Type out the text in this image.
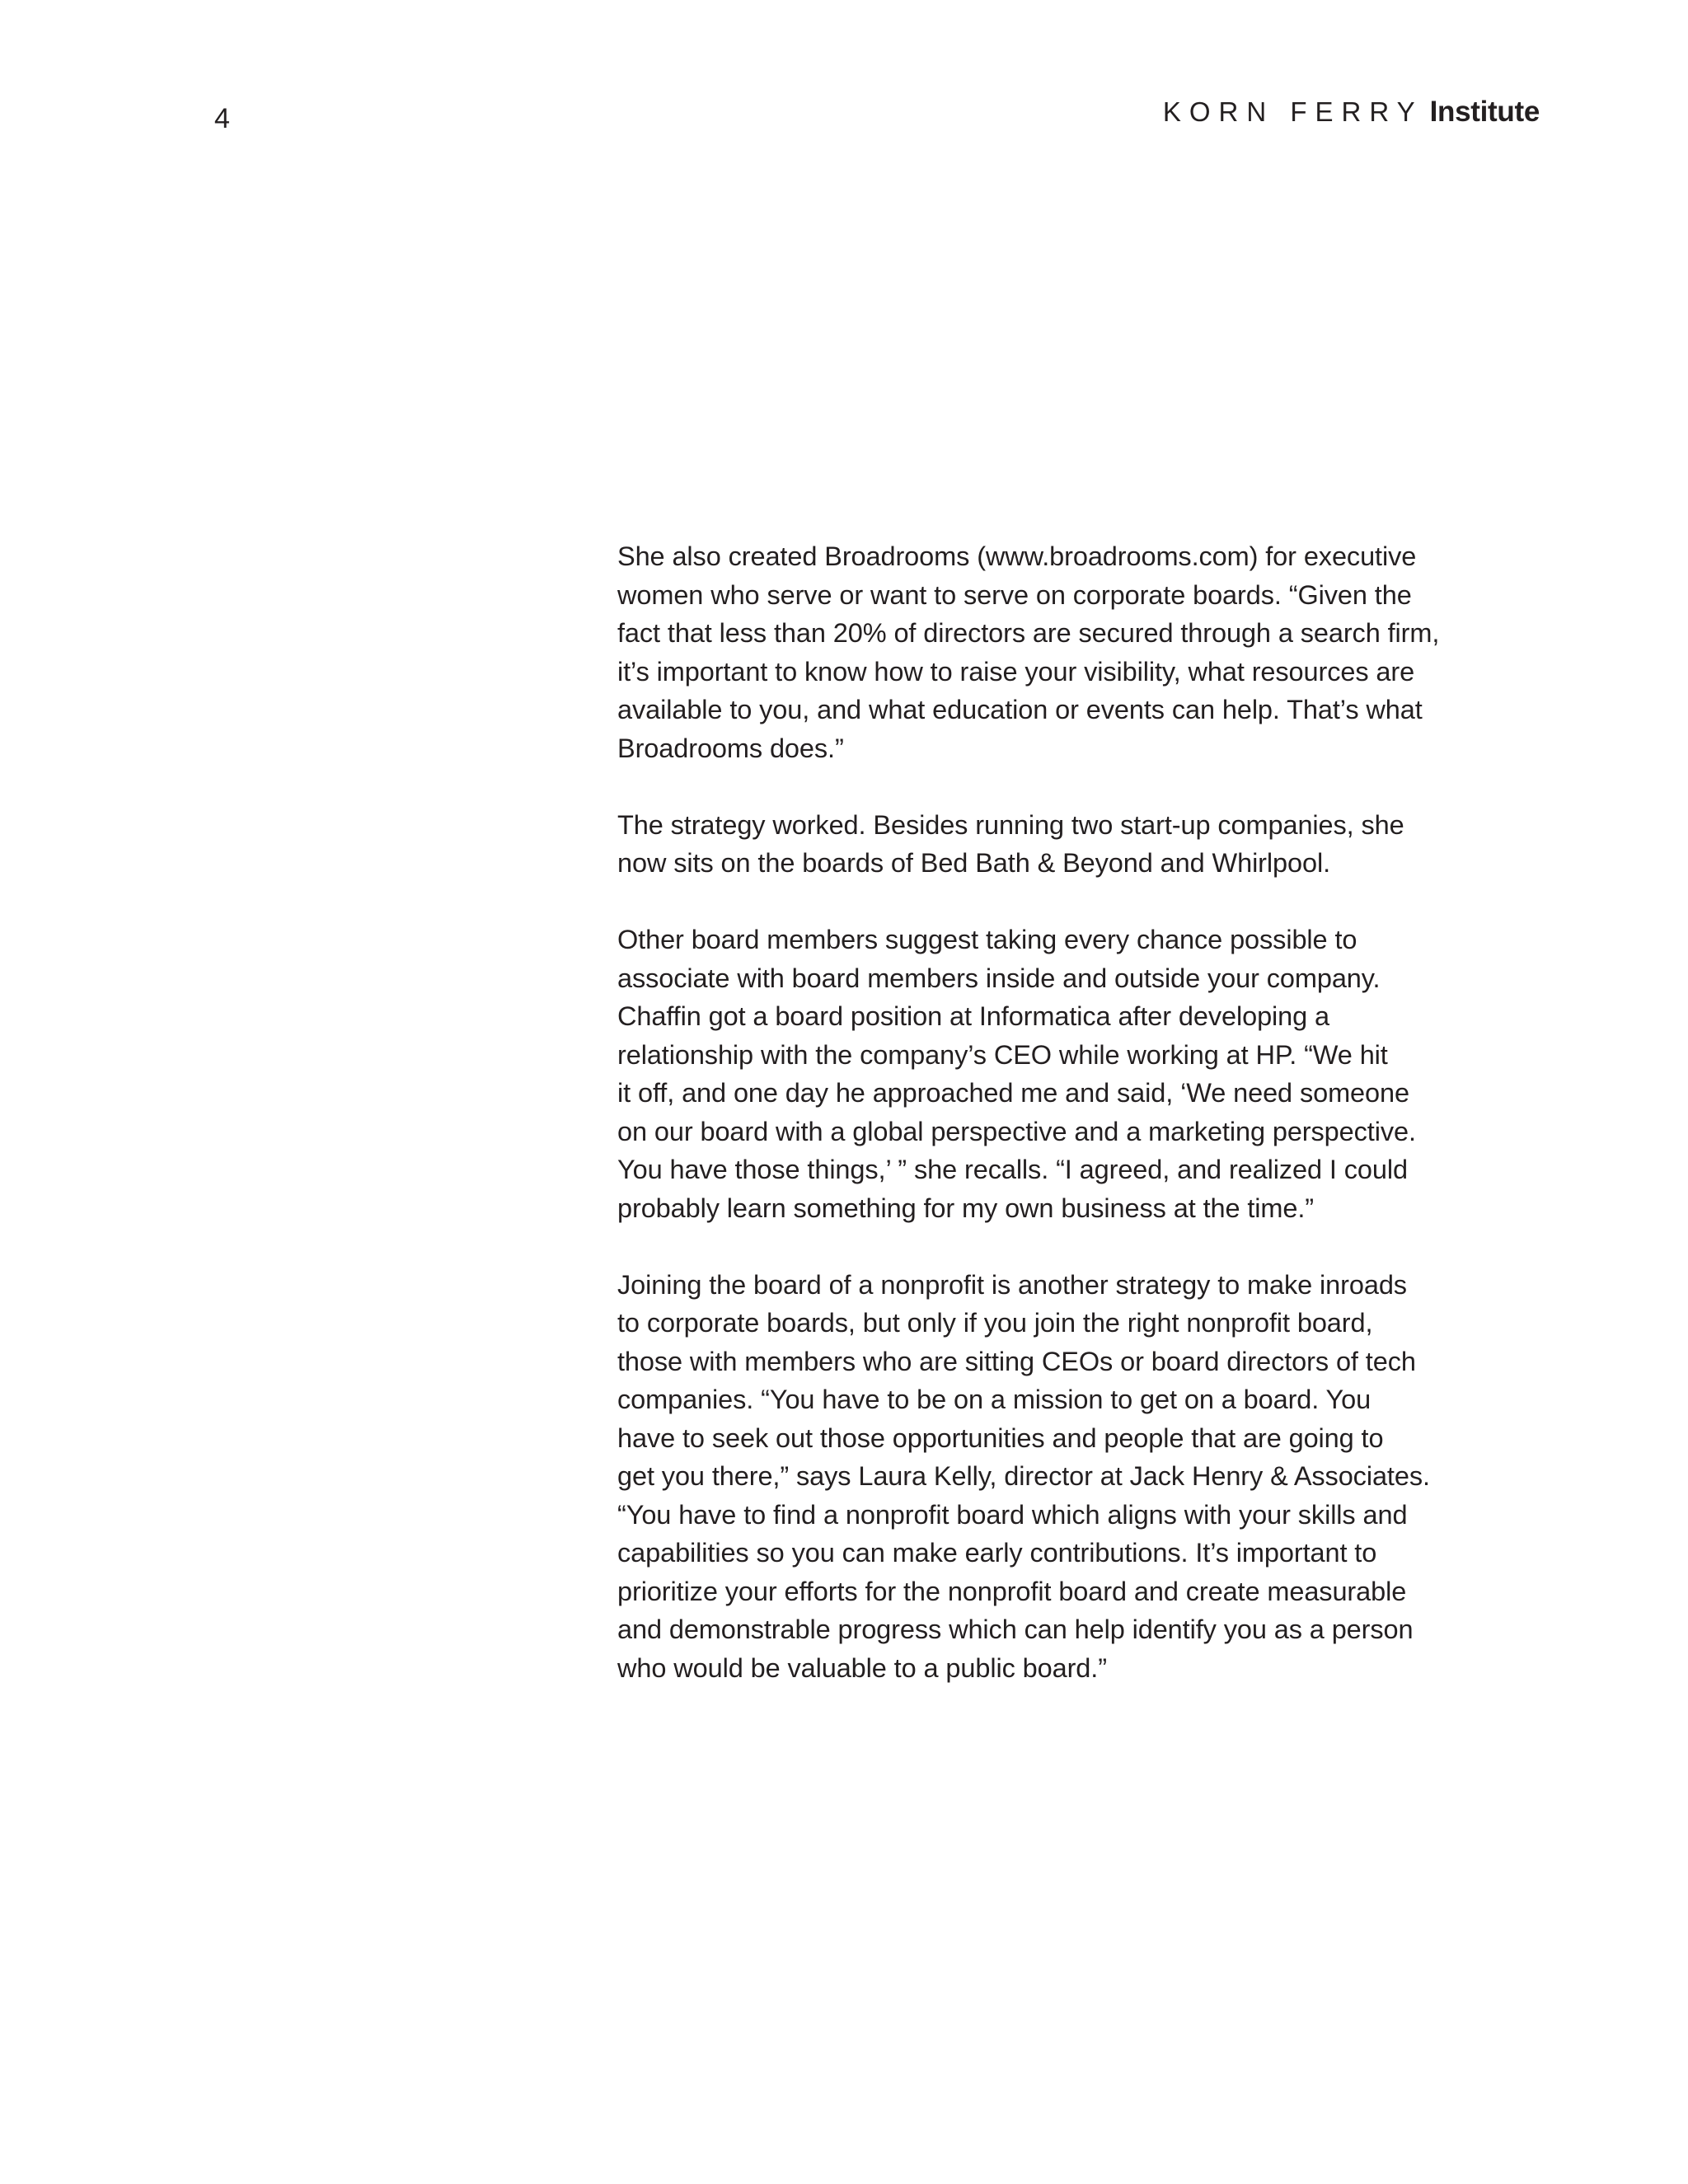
4	KORN FERRY Institute

She also created Broadrooms (www.broadrooms.com) for executive
women who serve or want to serve on corporate boards. “Given the
fact that less than 20% of directors are secured through a search firm,
it’s important to know how to raise your visibility, what resources are
available to you, and what education or events can help. That’s what
Broadrooms does.”

The strategy worked. Besides running two start-up companies, she
now sits on the boards of Bed Bath & Beyond and Whirlpool.

Other board members suggest taking every chance possible to
associate with board members inside and outside your company.
Chaffin got a board position at Informatica after developing a
relationship with the company’s CEO while working at HP. “We hit
it off, and one day he approached me and said, ‘We need someone
on our board with a global perspective and a marketing perspective.
You have those things,’ ” she recalls. “I agreed, and realized I could
probably learn something for my own business at the time.”

Joining the board of a nonprofit is another strategy to make inroads
to corporate boards, but only if you join the right nonprofit board,
those with members who are sitting CEOs or board directors of tech
companies. “You have to be on a mission to get on a board. You
have to seek out those opportunities and people that are going to
get you there,” says Laura Kelly, director at Jack Henry & Associates.
“You have to find a nonprofit board which aligns with your skills and
capabilities so you can make early contributions. It’s important to
prioritize your efforts for the nonprofit board and create measurable
and demonstrable progress which can help identify you as a person
who would be valuable to a public board.”
